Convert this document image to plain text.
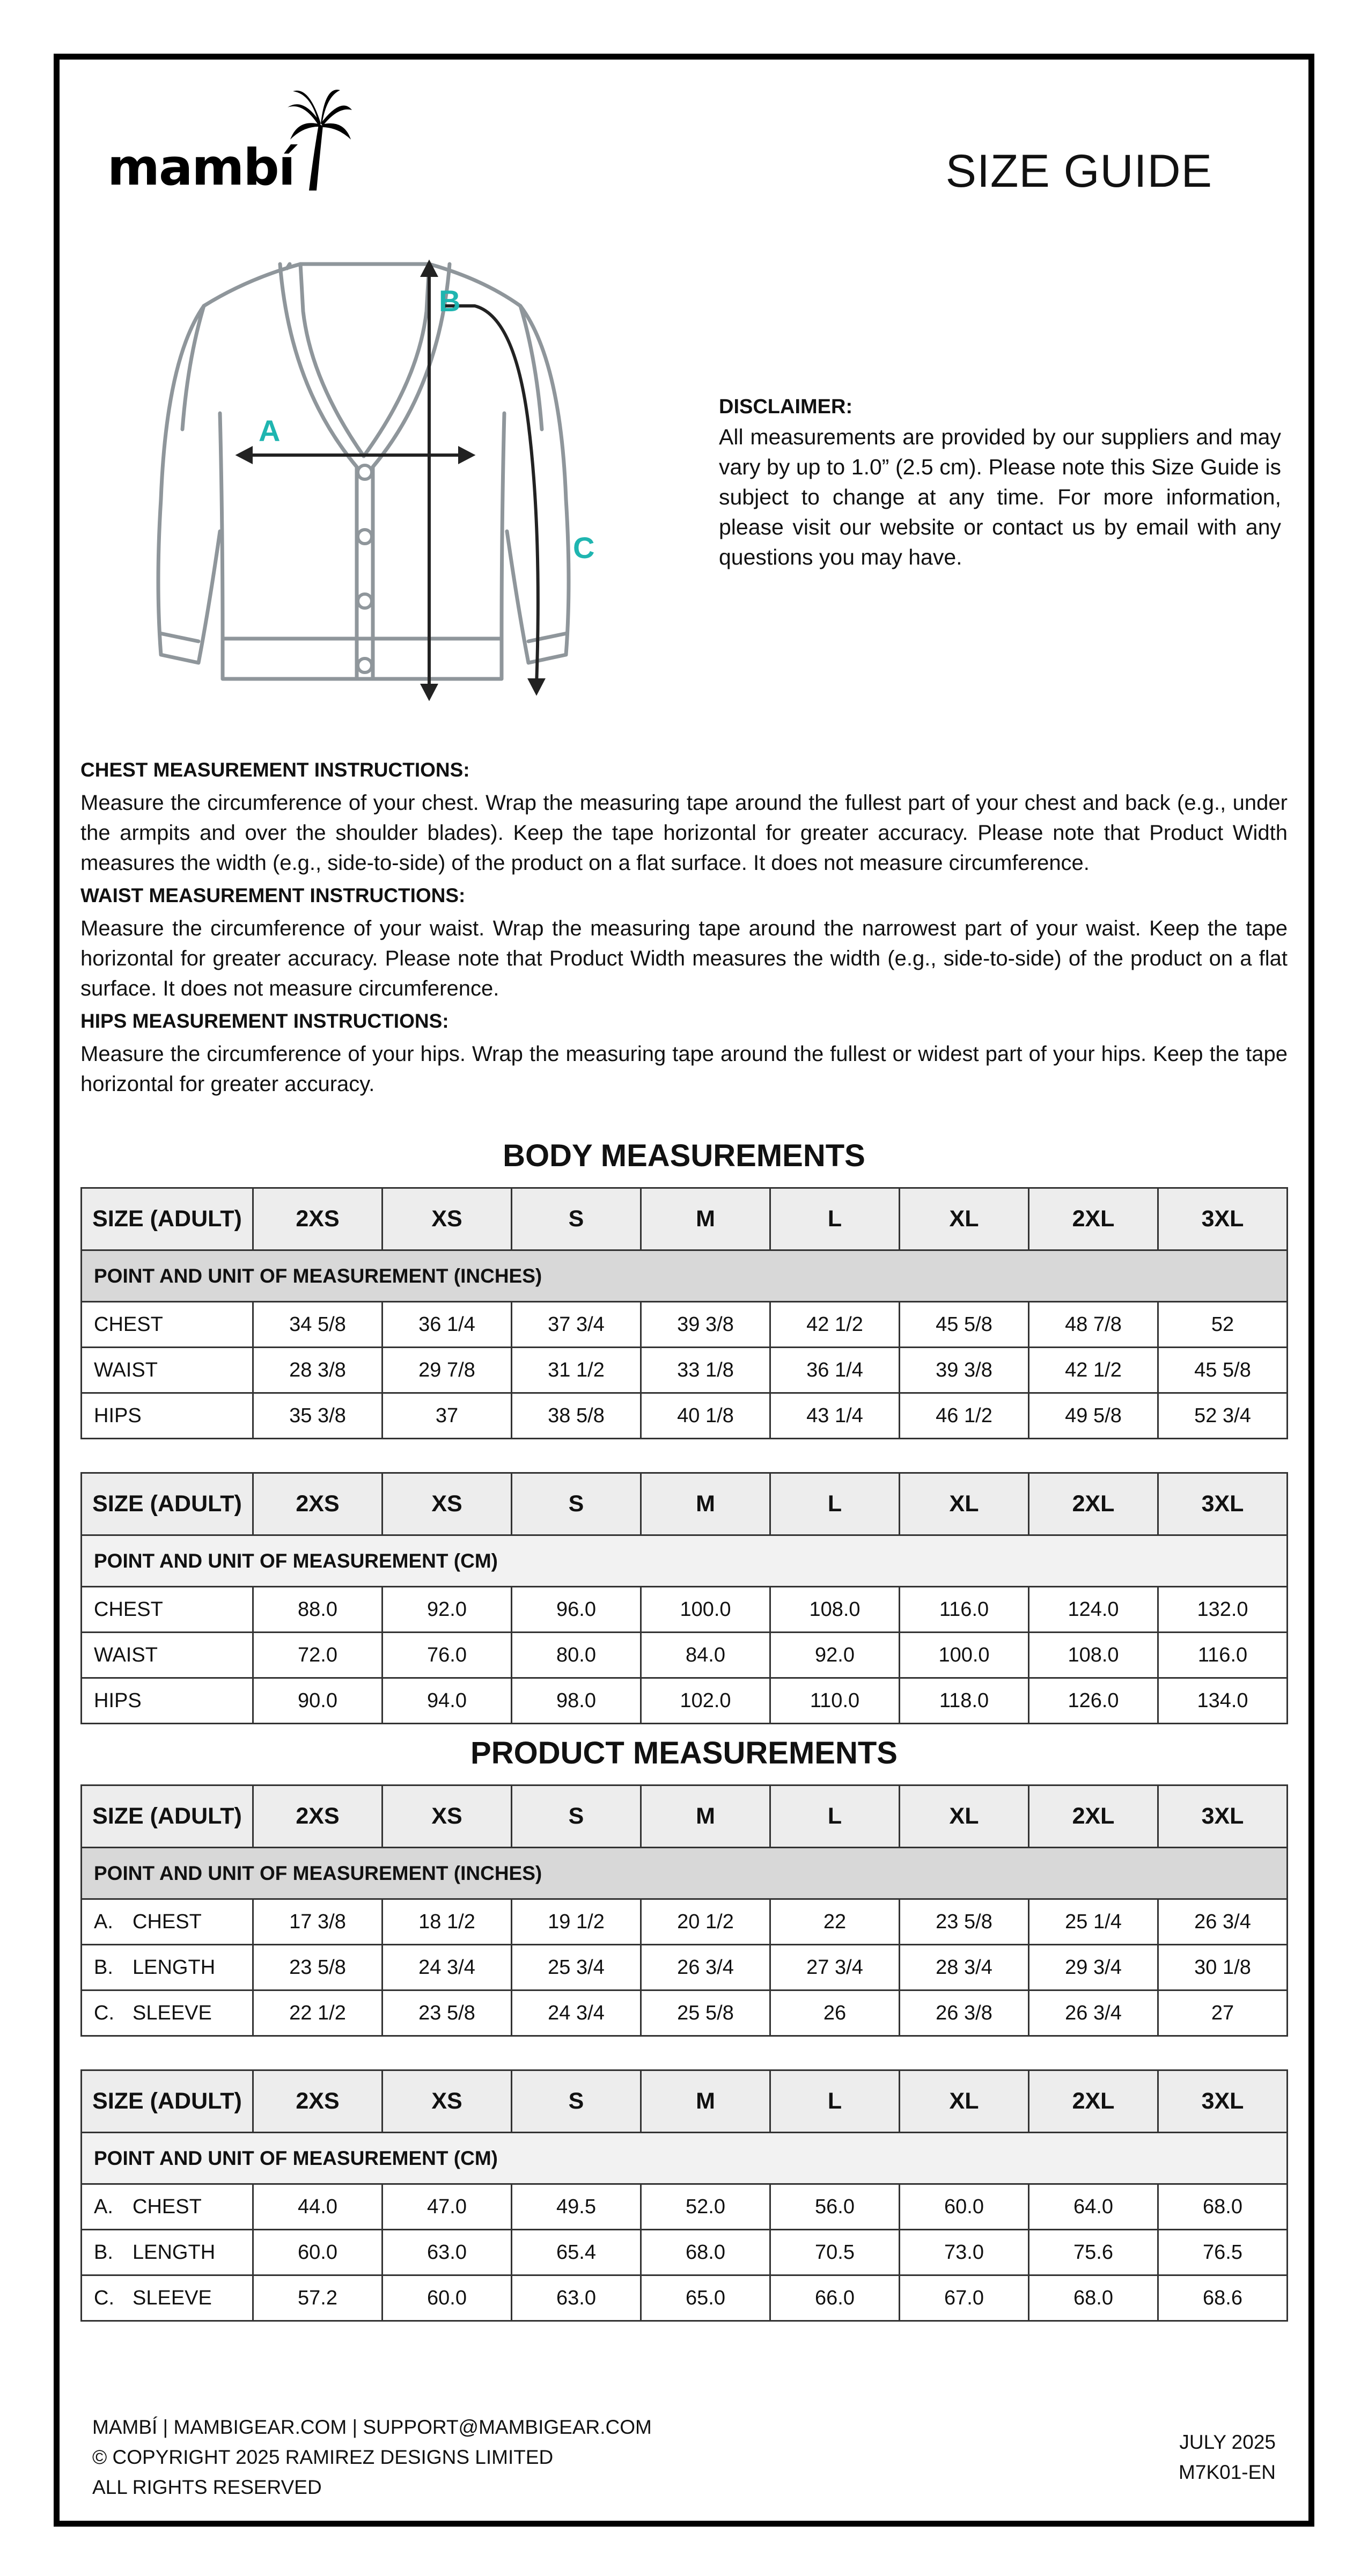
mambí	SIZE GUIDE
A
B
C
DISCLAIMER:

All measurements are provided by our suppliers and may vary by up to 1.0” (2.5 cm). Please note this Size Guide is subject to change at any time. For more information, please visit our website or contact us by email with any questions you may have.

CHEST MEASUREMENT INSTRUCTIONS:

Measure the circumference of your chest. Wrap the measuring tape around the fullest part of your chest and back (e.g., under the armpits and over the shoulder blades). Keep the tape horizontal for greater accuracy. Please note that Product Width measures the width (e.g., side-to-side) of the product on a flat surface. It does not measure circumference.

WAIST MEASUREMENT INSTRUCTIONS:

Measure the circumference of your waist. Wrap the measuring tape around the narrowest part of your waist. Keep the tape horizontal for greater accuracy. Please note that Product Width measures the width (e.g., side-to-side) of the product on a flat surface. It does not measure circumference.

HIPS MEASUREMENT INSTRUCTIONS:

Measure the circumference of your hips. Wrap the measuring tape around the fullest or widest part of your hips. Keep the tape horizontal for greater accuracy.

BODY MEASUREMENTS
SIZE (ADULT)	2XS	XS	S	M	L	XL	2XL	3XL
POINT AND UNIT OF MEASUREMENT (INCHES)								
CHEST	34 5/8	36 1/4	37 3/4	39 3/8	42 1/2	45 5/8	48 7/8	52
WAIST	28 3/8	29 7/8	31 1/2	33 1/8	36 1/4	39 3/8	42 1/2	45 5/8
HIPS	35 3/8	37	38 5/8	40 1/8	43 1/4	46 1/2	49 5/8	52 3/4
SIZE (ADULT)	2XS	XS	S	M	L	XL	2XL	3XL
POINT AND UNIT OF MEASUREMENT (CM)								
CHEST	88.0	92.0	96.0	100.0	108.0	116.0	124.0	132.0
WAIST	72.0	76.0	80.0	84.0	92.0	100.0	108.0	116.0
HIPS	90.0	94.0	98.0	102.0	110.0	118.0	126.0	134.0
PRODUCT MEASUREMENTS
SIZE (ADULT)	2XS	XS	S	M	L	XL	2XL	3XL
POINT AND UNIT OF MEASUREMENT (INCHES)								
A. CHEST	17 3/8	18 1/2	19 1/2	20 1/2	22	23 5/8	25 1/4	26 3/4
B. LENGTH	23 5/8	24 3/4	25 3/4	26 3/4	27 3/4	28 3/4	29 3/4	30 1/8
C. SLEEVE	22 1/2	23 5/8	24 3/4	25 5/8	26	26 3/8	26 3/4	27
SIZE (ADULT)	2XS	XS	S	M	L	XL	2XL	3XL
POINT AND UNIT OF MEASUREMENT (CM)								
A. CHEST	44.0	47.0	49.5	52.0	56.0	60.0	64.0	68.0
B. LENGTH	60.0	63.0	65.4	68.0	70.5	73.0	75.6	76.5
C. SLEEVE	57.2	60.0	63.0	65.0	66.0	67.0	68.0	68.6
MAMBÍ | MAMBIGEAR.COM | SUPPORT@MAMBIGEAR.COM
© COPYRIGHT 2025 RAMIREZ DESIGNS LIMITED
ALL RIGHTS RESERVED
JULY 2025
M7K01-EN
